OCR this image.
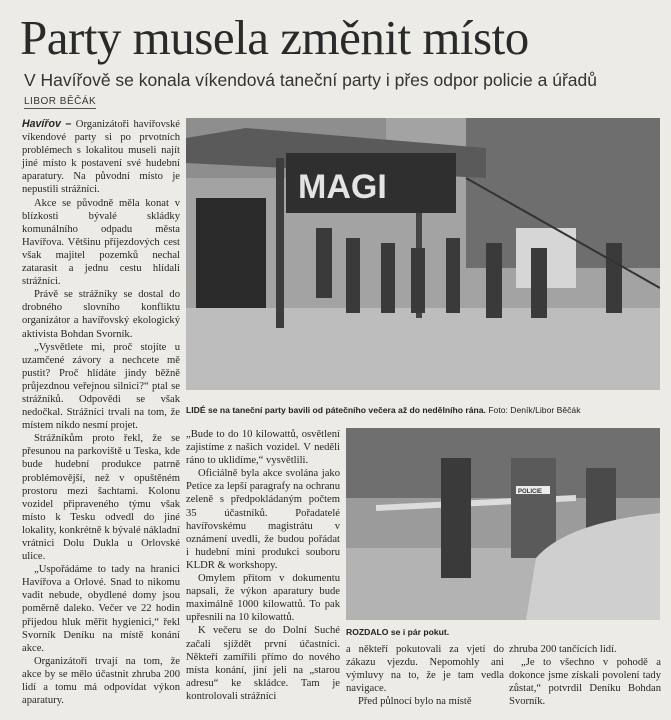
Party musela změnit místo
V Havířově se konala víkendová taneční party i přes odpor policie a úřadů
LIBOR BĚČÁK

Havířov – Organizátoři havířovské víkendové party si po prvotních problémech s lokalitou museli najít jiné místo k postavení své hudební aparatury. Na původní místo je nepustili strážníci.

Akce se původně měla konat v blízkosti bývalé skládky komunálního odpadu města Havířova. Většinu příjezdových cest však majitel pozemků nechal zatarasit a jednu cestu hlídali strážníci.

Právě se strážníky se dostal do drobného slovního konfliktu organizátor a havířovský ekologický aktivista Bohdan Svorník.

„Vysvětlete mi, proč stojíte u uzamčené závory a nechcete mě pustit? Proč hlídáte jindy běžně průjezdnou veřejnou silnici?“ ptal se strážníků. Odpovědi se však nedočkal. Strážníci trvali na tom, že místem nikdo nesmí projet.

Strážníkům proto řekl, že se přesunou na parkoviště u Teska, kde bude hudební produkce patrně problémovější, než v opuštěném prostoru mezi šachtami. Kolonu vozidel připraveného týmu však místo k Tesku odvedl do jiné lokality, konkrétně k bývalé nákladní vrátnici Dolu Dukla u Orlovské ulice.

„Uspořádáme to tady na hranici Havířova a Orlové. Snad to nikomu vadit nebude, obydlené domy jsou poměrně daleko. Večer ve 22 hodin přijedou hluk měřit hygienici,“ řekl Svorník Deníku na místě konání akce.

Organizátoři trvají na tom, že akce by se mělo účastnit zhruba 200 lidí a tomu má odpovídat výkon aparatury.

MAGI
LIDÉ se na taneční party bavili od pátečního večera až do nedělního rána. Foto: Deník/Libor Běčák

„Bude to do 10 kilowattů, osvětlení zajistíme z našich vozidel. V neděli ráno to uklidíme,“ vysvětlili.

Oficiálně byla akce svolána jako Petice za lepší paragrafy na ochranu zeleně s předpokládaným počtem 35 účastníků. Pořadatelé havířovskému magistrátu v oznámení uvedli, že budou pořádat i hudební mini produkci souboru KLDR & workshopy.

Omylem přitom v dokumentu napsali, že výkon aparatury bude maximálně 1000 kilowattů. To pak upřesnili na 10 kilowattů.

K večeru se do Dolní Suché začali sjíždět první účastníci. Někteří zamířili přímo do nového místa konání, jiní jeli na „starou adresu“ ke skládce. Tam je kontrolovali strážníci

POLICIE
ROZDALO se i pár pokut.

a někteří pokutovali za vjetí do zákazu vjezdu. Nepomohly ani výmluvy na to, že je tam vedla navigace.

Před půlnocí bylo na místě

zhruba 200 tančících lidí.

„Je to všechno v pohodě a dokonce jsme získali povolení tady zůstat,“ potvrdil Deníku Bohdan Svorník.
